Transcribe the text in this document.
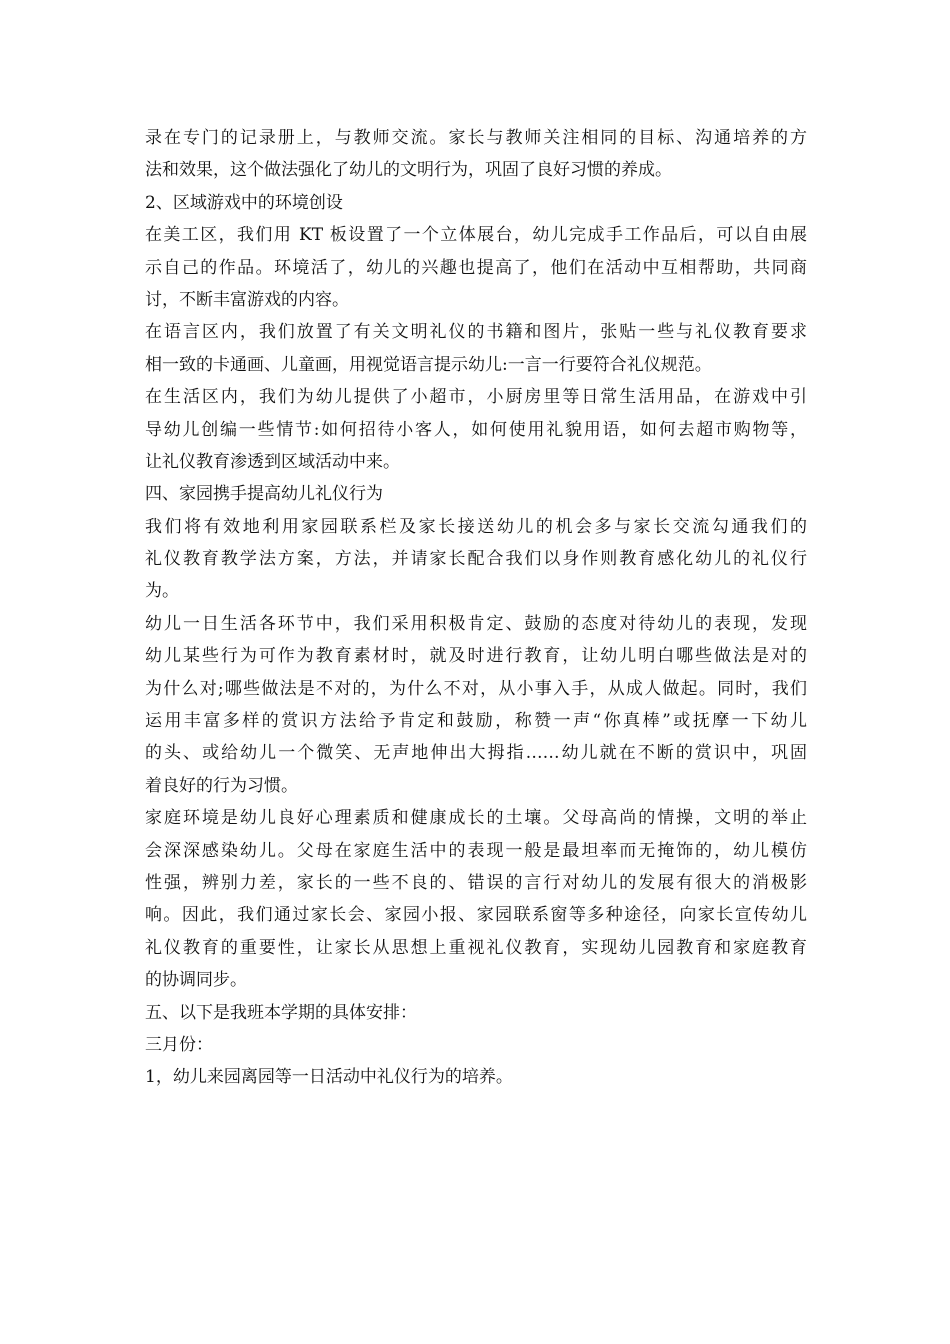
录在专门的记录册上，与教师交流。家长与教师关注相同的目标、沟通培养的方
法和效果，这个做法强化了幼儿的文明行为，巩固了良好习惯的养成。
2、区域游戏中的环境创设
在美工区，我们用 KT 板设置了一个立体展台，幼儿完成手工作品后，可以自由展
示自己的作品。环境活了，幼儿的兴趣也提高了，他们在活动中互相帮助，共同商
讨，不断丰富游戏的内容。
在语言区内，我们放置了有关文明礼仪的书籍和图片，张贴一些与礼仪教育要求
相一致的卡通画、儿童画，用视觉语言提示幼儿:一言一行要符合礼仪规范。
在生活区内，我们为幼儿提供了小超市，小厨房里等日常生活用品，在游戏中引
导幼儿创编一些情节:如何招待小客人，如何使用礼貌用语，如何去超市购物等，
让礼仪教育渗透到区域活动中来。
四、家园携手提高幼儿礼仪行为
我们将有效地利用家园联系栏及家长接送幼儿的机会多与家长交流勾通我们的
礼仪教育教学法方案，方法，并请家长配合我们以身作则教育感化幼儿的礼仪行
为。
幼儿一日生活各环节中，我们采用积极肯定、鼓励的态度对待幼儿的表现，发现
幼儿某些行为可作为教育素材时，就及时进行教育，让幼儿明白哪些做法是对的
为什么对;哪些做法是不对的，为什么不对，从小事入手，从成人做起。同时，我们
运用丰富多样的赏识方法给予肯定和鼓励，称赞一声“你真棒”或抚摩一下幼儿
的头、或给幼儿一个微笑、无声地伸出大拇指……幼儿就在不断的赏识中，巩固
着良好的行为习惯。
家庭环境是幼儿良好心理素质和健康成长的土壤。父母高尚的情操，文明的举止
会深深感染幼儿。父母在家庭生活中的表现一般是最坦率而无掩饰的，幼儿模仿
性强，辨别力差，家长的一些不良的、错误的言行对幼儿的发展有很大的消极影
响。因此，我们通过家长会、家园小报、家园联系窗等多种途径，向家长宣传幼儿
礼仪教育的重要性，让家长从思想上重视礼仪教育，实现幼儿园教育和家庭教育
的协调同步。
五、以下是我班本学期的具体安排：
三月份：
1，幼儿来园离园等一日活动中礼仪行为的培养。
